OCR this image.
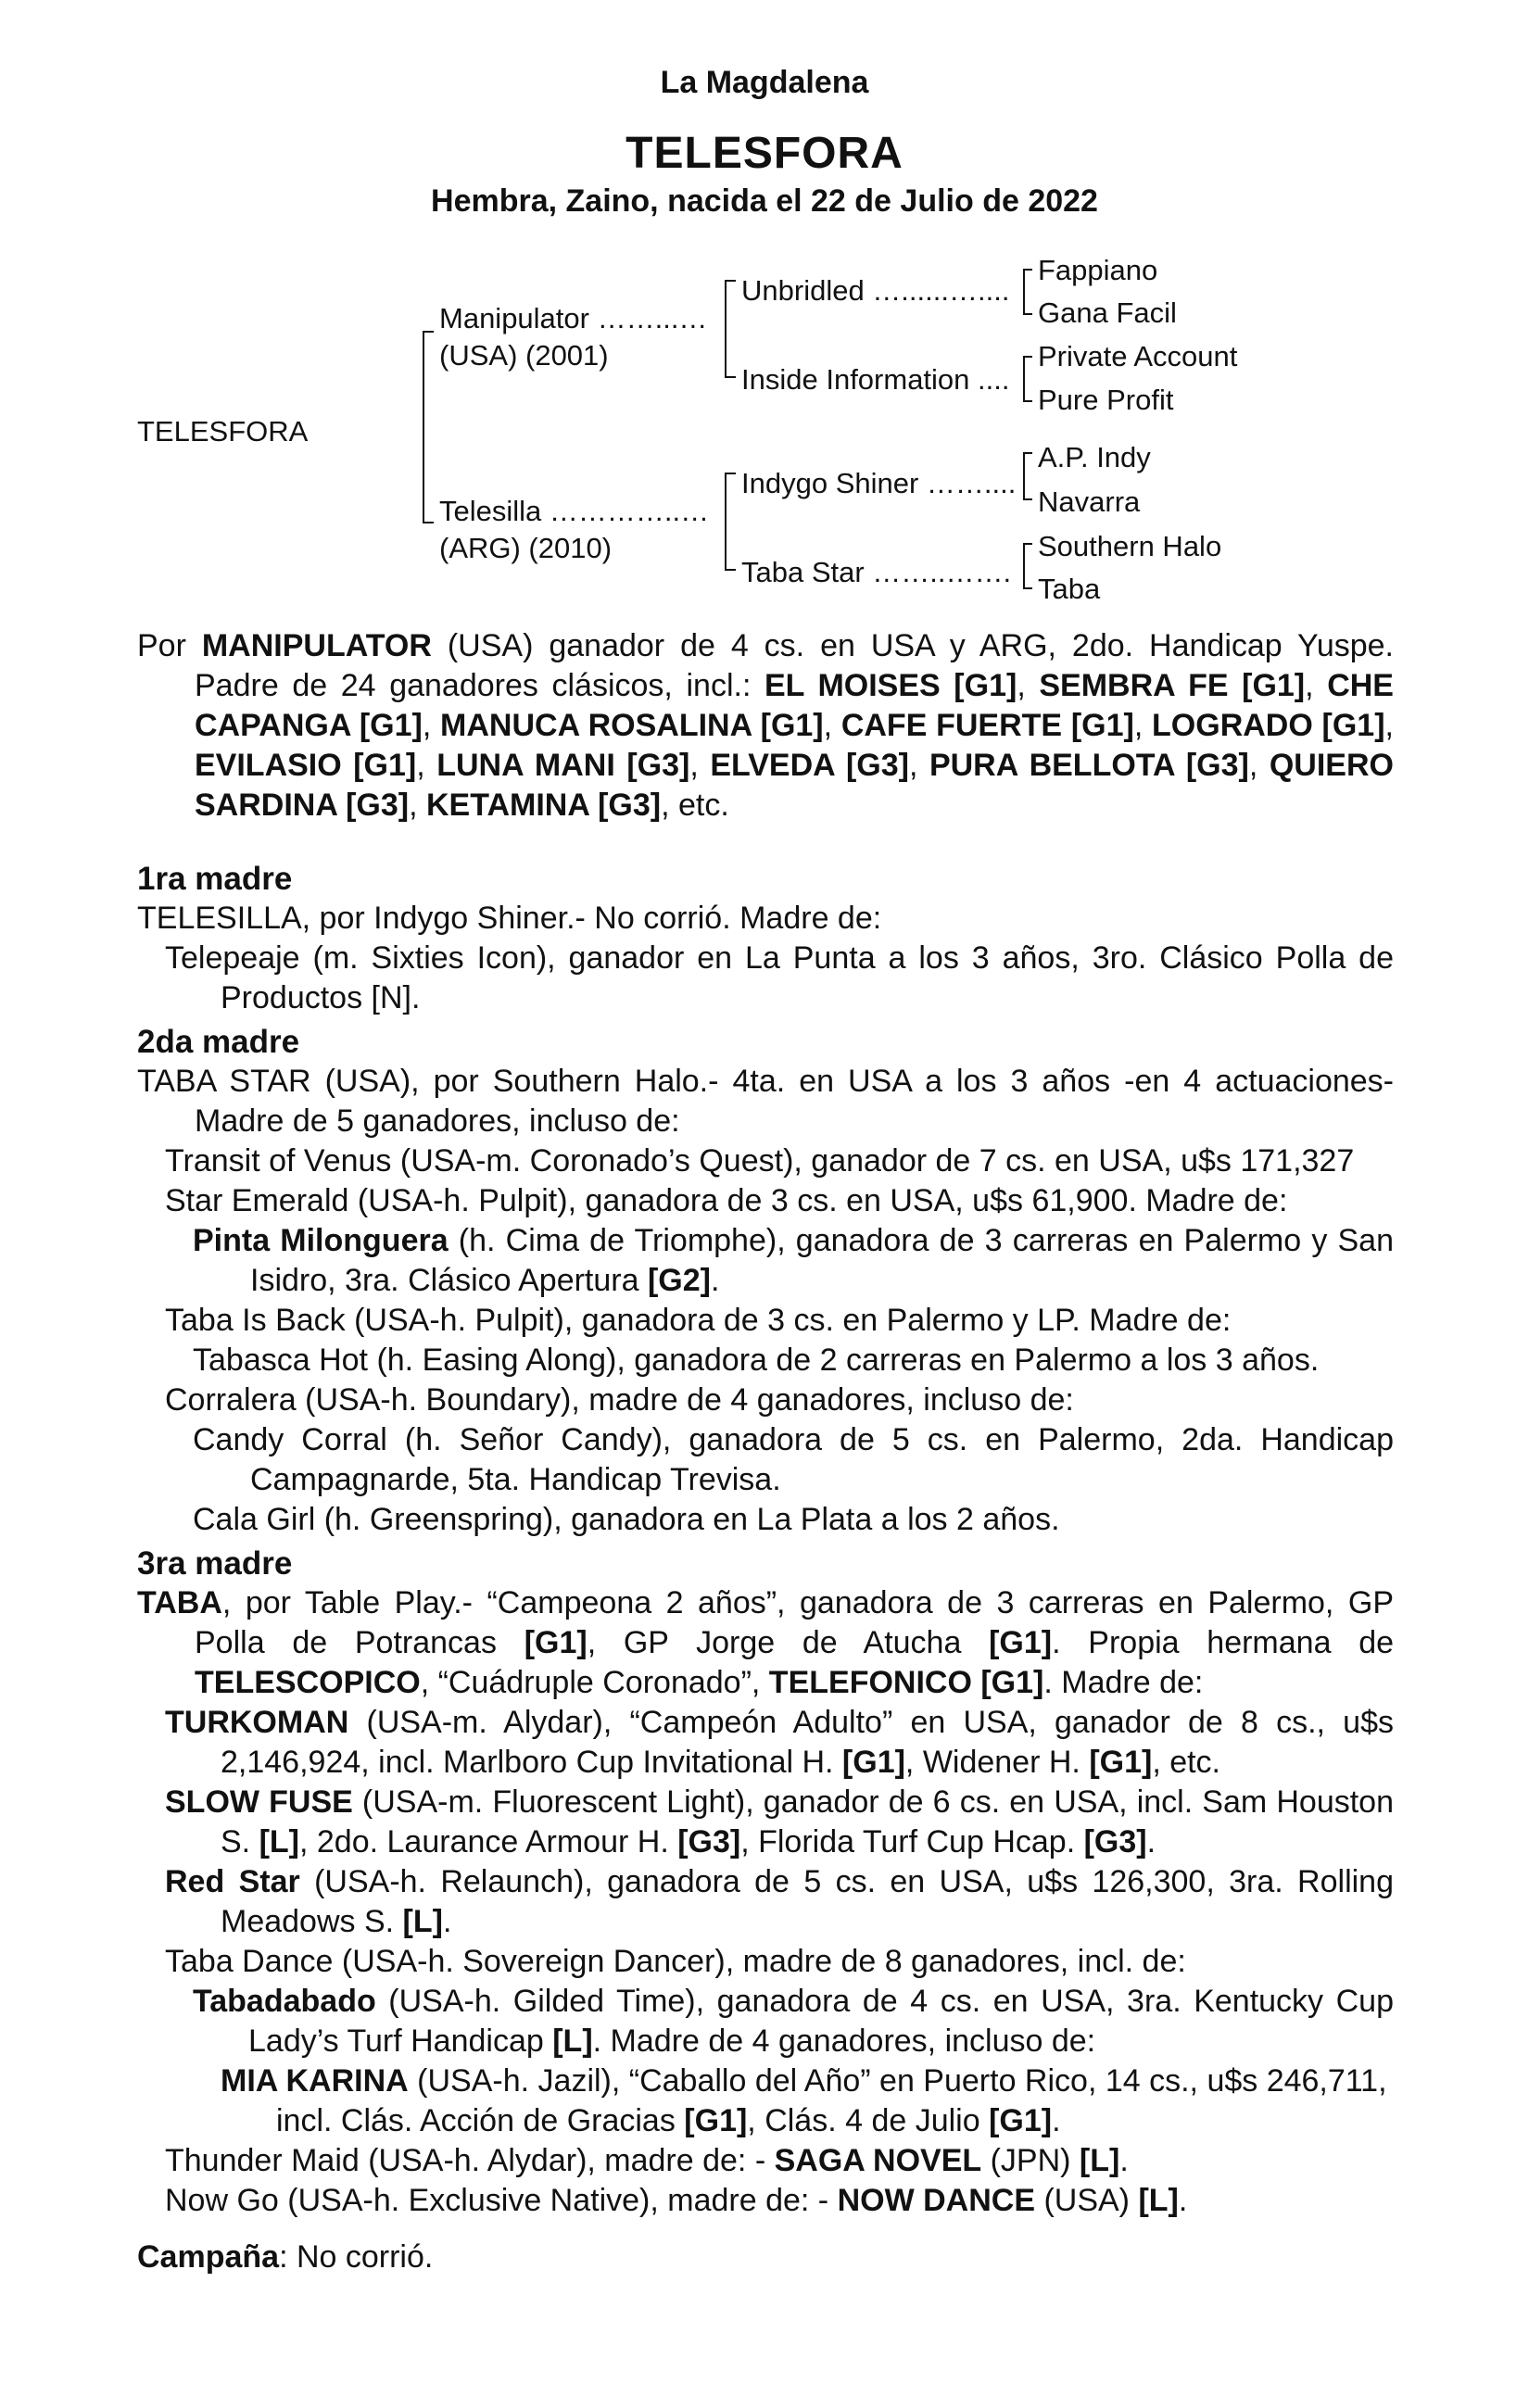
La Magdalena
TELESFORA
Hembra, Zaino, nacida el 22 de Julio de 2022
TELESFORA
Manipulator ……...…
(USA) (2001)
Telesilla …………..…
(ARG) (2010)
Unbridled …......…....
Inside Information ....
Indygo Shiner ……....
Taba Star ……..…….
Fappiano
Gana Facil
Private Account
Pure Profit
A.P. Indy
Navarra
Southern Halo
Taba

Por MANIPULATOR (USA) ganador de 4 cs. en USA y ARG, 2do. Handicap Yuspe. Padre de 24 ganadores clásicos, incl.: EL MOISES [G1], SEMBRA FE [G1], CHE CAPANGA [G1], MANUCA ROSALINA [G1], CAFE FUERTE [G1], LOGRADO [G1], EVILASIO [G1], LUNA MANI [G3], ELVEDA [G3], PURA BELLOTA [G3], QUIERO SARDINA [G3], KETAMINA [G3], etc.

1ra madre

TELESILLA, por Indygo Shiner.- No corrió. Madre de:

Telepeaje (m. Sixties Icon), ganador en La Punta a los 3 años, 3ro. Clásico Polla de Productos [N].

2da madre

TABA STAR (USA), por Southern Halo.- 4ta. en USA a los 3 años -en 4 actuaciones- Madre de 5 ganadores, incluso de:

Transit of Venus (USA-m. Coronado’s Quest), ganador de 7 cs. en USA, u$s 171,327

Star Emerald (USA-h. Pulpit), ganadora de 3 cs. en USA, u$s 61,900. Madre de:

Pinta Milonguera (h. Cima de Triomphe), ganadora de 3 carreras en Palermo y San Isidro, 3ra. Clásico Apertura [G2].

Taba Is Back (USA-h. Pulpit), ganadora de 3 cs. en Palermo y LP. Madre de:

Tabasca Hot (h. Easing Along), ganadora de 2 carreras en Palermo a los 3 años.

Corralera (USA-h. Boundary), madre de 4 ganadores, incluso de:

Candy Corral (h. Señor Candy), ganadora de 5 cs. en Palermo, 2da. Handicap Campagnarde, 5ta. Handicap Trevisa.

Cala Girl (h. Greenspring), ganadora en La Plata a los 2 años.

3ra madre

TABA, por Table Play.- “Campeona 2 años”, ganadora de 3 carreras en Palermo, GP Polla de Potrancas [G1], GP Jorge de Atucha [G1]. Propia hermana de TELESCOPICO, “Cuádruple Coronado”, TELEFONICO [G1]. Madre de:

TURKOMAN (USA-m. Alydar), “Campeón Adulto” en USA, ganador de 8 cs., u$s 2,146,924, incl. Marlboro Cup Invitational H. [G1], Widener H. [G1], etc.

SLOW FUSE (USA-m. Fluorescent Light), ganador de 6 cs. en USA, incl. Sam Houston S. [L], 2do. Laurance Armour H. [G3], Florida Turf Cup Hcap. [G3].

Red Star (USA-h. Relaunch), ganadora de 5 cs. en USA, u$s 126,300, 3ra. Rolling Meadows S. [L].

Taba Dance (USA-h. Sovereign Dancer), madre de 8 ganadores, incl. de:

Tabadabado (USA-h. Gilded Time), ganadora de 4 cs. en USA, 3ra. Kentucky Cup Lady’s Turf Handicap [L]. Madre de 4 ganadores, incluso de:

MIA KARINA (USA-h. Jazil), “Caballo del Año” en Puerto Rico, 14 cs., u$s 246,711, incl. Clás. Acción de Gracias [G1], Clás. 4 de Julio [G1].

Thunder Maid (USA-h. Alydar), madre de: - SAGA NOVEL (JPN) [L].

Now Go (USA-h. Exclusive Native), madre de: - NOW DANCE (USA) [L].

Campaña: No corrió.
